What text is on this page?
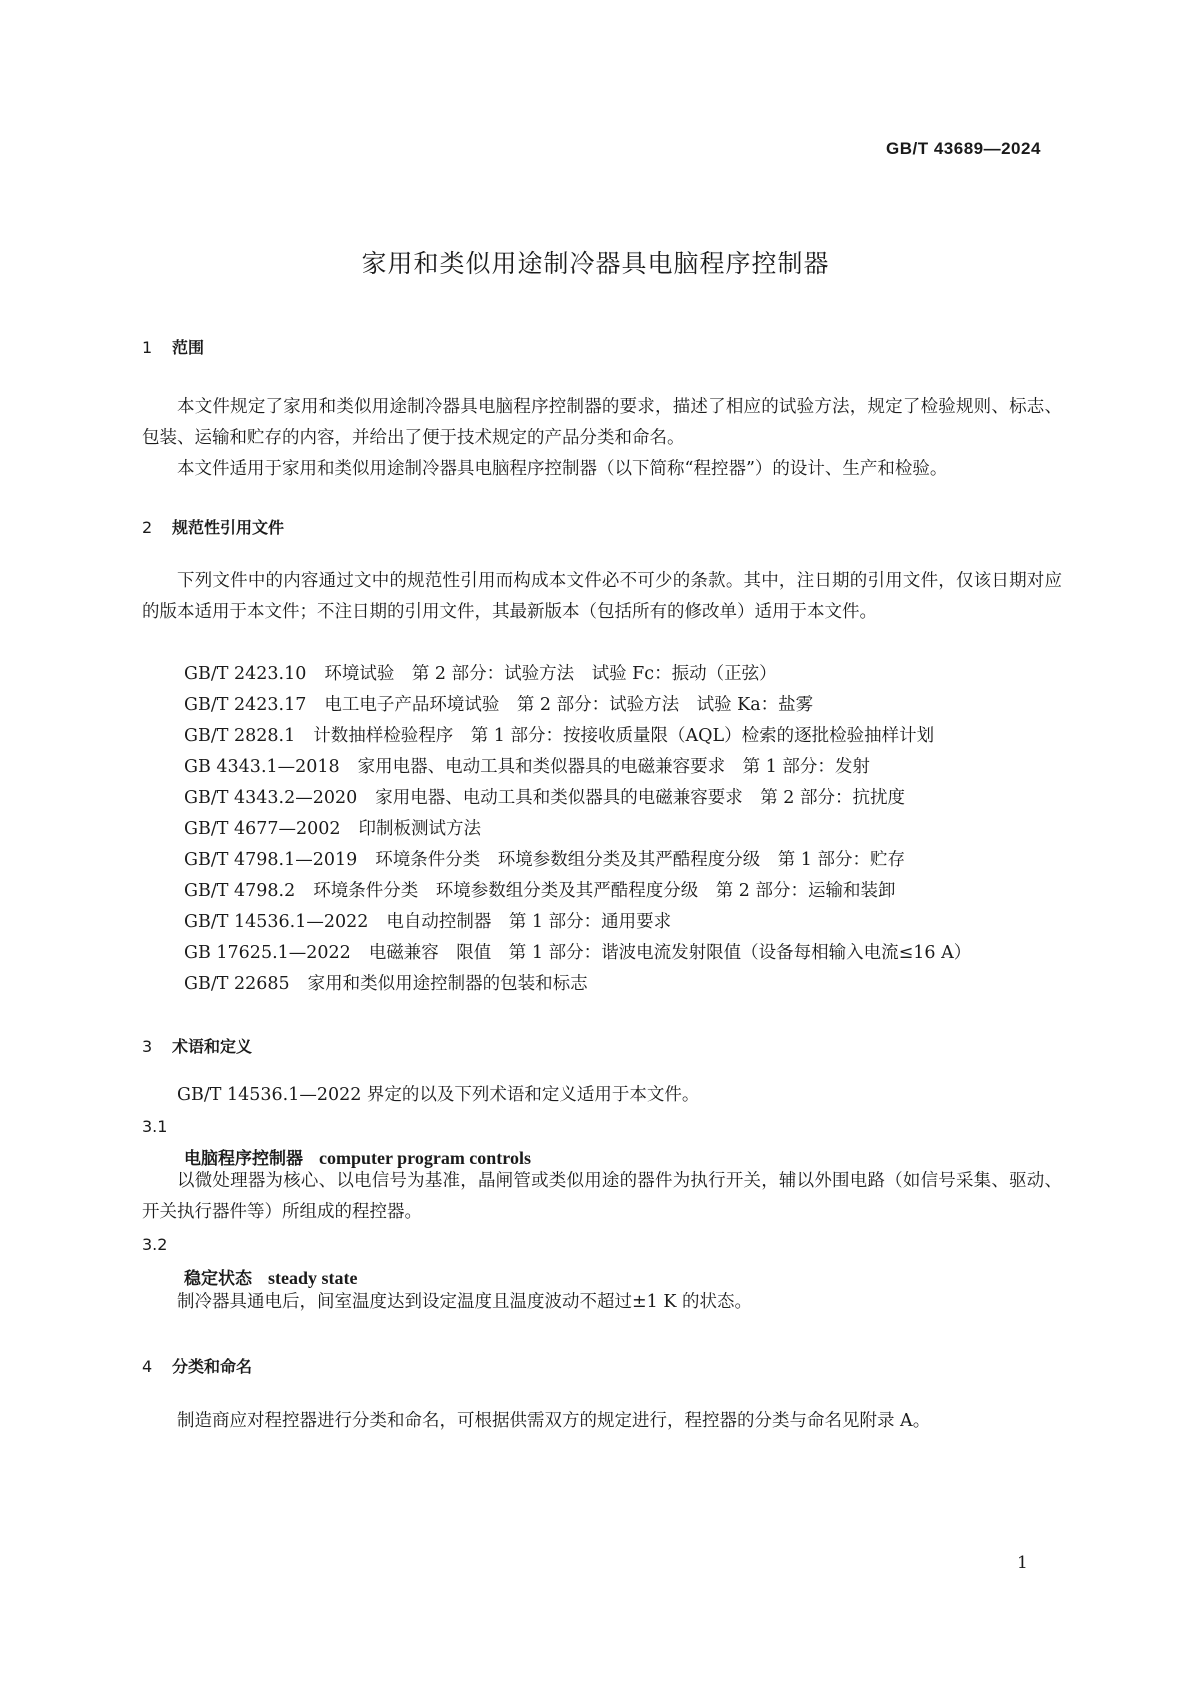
GB/T 43689—2024
家用和类似用途制冷器具电脑程序控制器
1 范围
本文件规定了家用和类似用途制冷器具电脑程序控制器的要求，描述了相应的试验方法，规定了检验规则、标志、包装、运输和贮存的内容，并给出了便于技术规定的产品分类和命名。
本文件适用于家用和类似用途制冷器具电脑程序控制器（以下简称“程控器”）的设计、生产和检验。
2 规范性引用文件
下列文件中的内容通过文中的规范性引用而构成本文件必不可少的条款。其中，注日期的引用文件，仅该日期对应的版本适用于本文件；不注日期的引用文件，其最新版本（包括所有的修改单）适用于本文件。
GB/T 2423.10 环境试验　第 2 部分：试验方法　试验 Fc：振动（正弦）
GB/T 2423.17 电工电子产品环境试验　第 2 部分：试验方法　试验 Ka：盐雾
GB/T 2828.1 计数抽样检验程序　第 1 部分：按接收质量限（AQL）检索的逐批检验抽样计划
GB 4343.1—2018 家用电器、电动工具和类似器具的电磁兼容要求　第 1 部分：发射
GB/T 4343.2—2020 家用电器、电动工具和类似器具的电磁兼容要求　第 2 部分：抗扰度
GB/T 4677—2002 印制板测试方法
GB/T 4798.1—2019 环境条件分类　环境参数组分类及其严酷程度分级　第 1 部分：贮存
GB/T 4798.2 环境条件分类　环境参数组分类及其严酷程度分级　第 2 部分：运输和装卸
GB/T 14536.1—2022 电自动控制器　第 1 部分：通用要求
GB 17625.1—2022 电磁兼容　限值　第 1 部分：谐波电流发射限值（设备每相输入电流≤16 A）
GB/T 22685 家用和类似用途控制器的包装和标志
3 术语和定义
GB/T 14536.1—2022 界定的以及下列术语和定义适用于本文件。
3.1
电脑程序控制器 computer program controls
以微处理器为核心、以电信号为基准，晶闸管或类似用途的器件为执行开关，辅以外围电路（如信号采集、驱动、开关执行器件等）所组成的程控器。
3.2
稳定状态 steady state
制冷器具通电后，间室温度达到设定温度且温度波动不超过±1 K 的状态。
4 分类和命名
制造商应对程控器进行分类和命名，可根据供需双方的规定进行，程控器的分类与命名见附录 A。
1
